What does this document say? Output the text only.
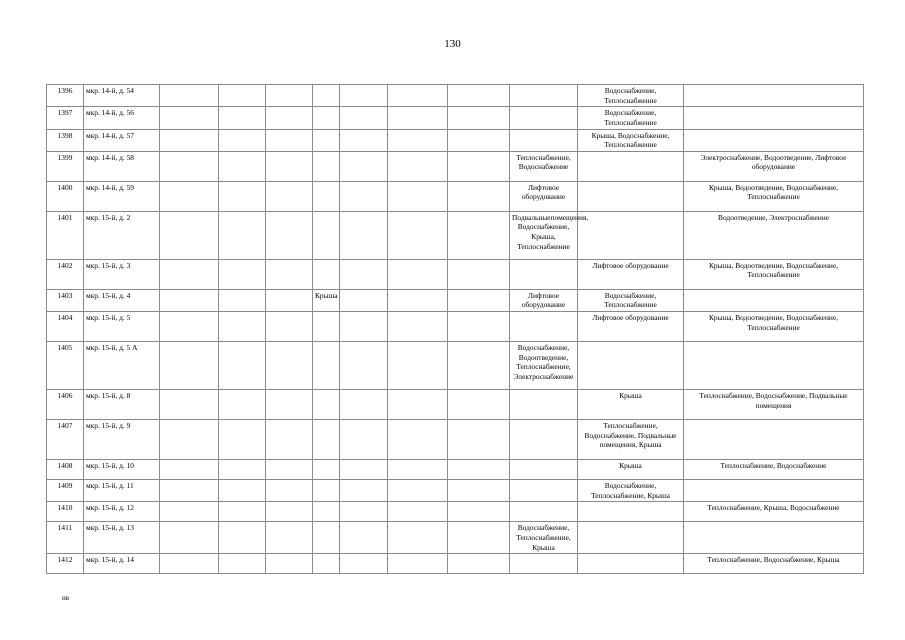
130
1396	мкр. 14-й, д. 54									Водоснабжение, Теплоснабжение	
1397	мкр. 14-й, д. 56									Водоснабжение, Теплоснабжение	
1398	мкр. 14-й, д. 57									Крыша, Водоснабжение, Теплоснабжение	
1399	мкр. 14-й, д. 58								Теплоснабжение, Водоснабжение		Электроснабжение, Водоотведение, Лифтовое оборудование
1400	мкр. 14-й, д. 59								Лифтовое оборудование		Крыша, Водоотведение, Водоснабжение, Теплоснабжение
1401	мкр. 15-й, д. 2								Подвальныепомещения, Водоснабжение, Крыша, Теплоснабжение		Водоотведение, Электроснабжение
1402	мкр. 15-й, д. 3									Лифтовое оборудование	Крыша, Водоотведение, Водоснабжение, Теплоснабжение
1403	мкр. 15-й, д. 4				Крыша				Лифтовое оборудование	Водоснабжение, Теплоснабжение	
1404	мкр. 15-й, д. 5									Лифтовое оборудование	Крыша, Водоотведение, Водоснабжение, Теплоснабжение
1405	мкр. 15-й, д. 5 А								Водоснабжение, Водоотведение, Теплоснабжение, Электроснабжение		
1406	мкр. 15-й, д. 8									Крыша	Теплоснабжение, Водоснабжение, Подвальные помещения
1407	мкр. 15-й, д. 9									Теплоснабжение, Водоснабжение, Подвальные помещения, Крыша	
1408	мкр. 15-й, д. 10									Крыша	Теплоснабжение, Водоснабжение
1409	мкр. 15-й, д. 11									Водоснабжение, Теплоснабжение, Крыша	
1410	мкр. 15-й, д. 12										Теплоснабжение, Крыша, Водоснабжение
1411	мкр. 15-й, д. 13								Водоснабжение, Теплоснабжение, Крыша		
1412	мкр. 15-й, д. 14										Теплоснабжение, Водоснабжение, Крыша
нв
